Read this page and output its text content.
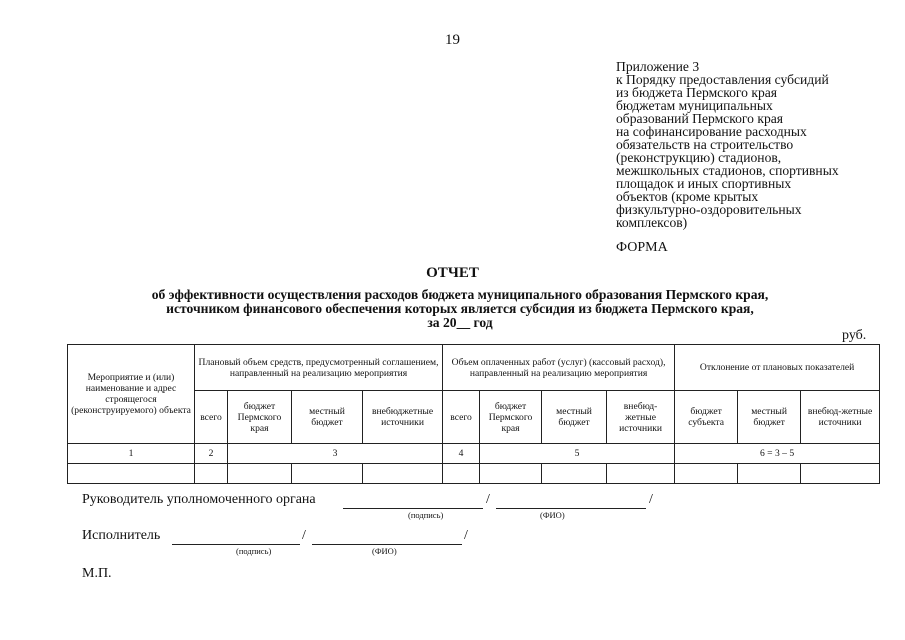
19
Приложение 3
к Порядку предоставления субсидий
из бюджета Пермского края
бюджетам муниципальных
образований Пермского края
на софинансирование расходных
обязательств на строительство
(реконструкцию) стадионов,
межшкольных стадионов, спортивных
площадок и иных спортивных
объектов (кроме крытых
физкультурно-оздоровительных
комплексов)
ФОРМА
ОТЧЕТ
об эффективности осуществления расходов бюджета муниципального образования Пермского края,
источником финансового обеспечения которых является субсидия из бюджета Пермского края,
за 20__ год
руб.
Мероприятие и (или) наименование и адрес строящегося (реконструируемого) объекта	Плановый объем средств, предусмотренный соглашением, направленный на реализацию мероприятия				Объем оплаченных работ (услуг) (кассовый расход), направленный на реализацию мероприятия				Отклонение от плановых показателей		
	всего	бюджет Пермского края	местный бюджет	внебюджетные источники	всего	бюджет Пермского края	местный бюджет	внебюд-жетные источники	бюджет субъекта	местный бюджет	внебюд-жетные источники
1	2	3			4	5			6 = 3 – 5		

Руководитель уполномоченного органа	/	/
(подпись)	(ФИО)
Исполнитель	/	/
(подпись)	(ФИО)
М.П.
